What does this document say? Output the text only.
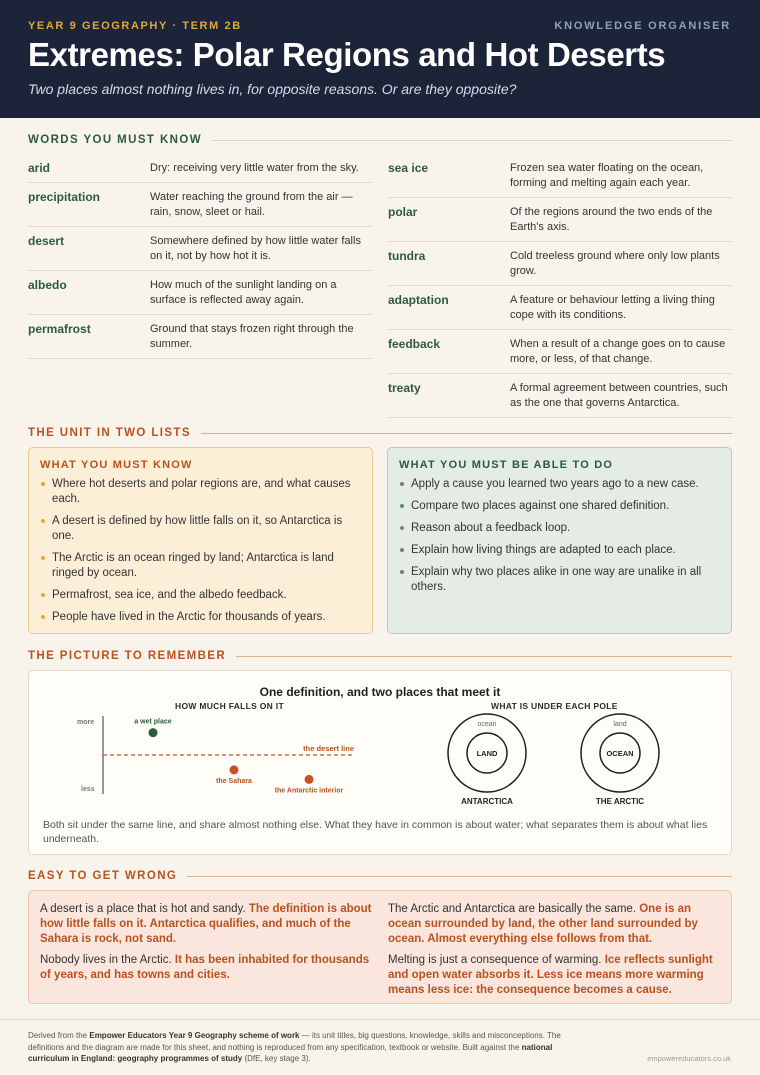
YEAR 9 GEOGRAPHY · TERM 2B	KNOWLEDGE ORGANISER
Extremes: Polar Regions and Hot Deserts
Two places almost nothing lives in, for opposite reasons. Or are they opposite?
WORDS YOU MUST KNOW
arid	Dry: receiving very little water from the sky.
precipitation	Water reaching the ground from the air — rain, snow, sleet or hail.
desert	Somewhere defined by how little water falls on it, not by how hot it is.
albedo	How much of the sunlight landing on a surface is reflected away again.
permafrost	Ground that stays frozen right through the summer.
sea ice	Frozen sea water floating on the ocean, forming and melting again each year.
polar	Of the regions around the two ends of the Earth's axis.
tundra	Cold treeless ground where only low plants grow.
adaptation	A feature or behaviour letting a living thing cope with its conditions.
feedback	When a result of a change goes on to cause more, or less, of that change.
treaty	A formal agreement between countries, such as the one that governs Antarctica.
THE UNIT IN TWO LISTS
WHAT YOU MUST KNOW
Where hot deserts and polar regions are, and what causes each.
A desert is defined by how little falls on it, so Antarctica is one.
The Arctic is an ocean ringed by land; Antarctica is land ringed by ocean.
Permafrost, sea ice, and the albedo feedback.
People have lived in the Arctic for thousands of years.
WHAT YOU MUST BE ABLE TO DO
Apply a cause you learned two years ago to a new case.
Compare two places against one shared definition.
Reason about a feedback loop.
Explain how living things are adapted to each place.
Explain why two places alike in one way are unalike in all others.
THE PICTURE TO REMEMBER
One definition, and two places that meet it
HOW MUCH FALLS ON IT	WHAT IS UNDER EACH POLE
more
less
the desert line
a wet place
the Sahara
the Antarctic interior
ocean
LAND
ANTARCTICA
land
OCEAN
THE ARCTIC
Both sit under the same line, and share almost nothing else. What they have in common is about water; what separates them is about what lies underneath.
EASY TO GET WRONG

A desert is a place that is hot and sandy. The definition is about how little falls on it. Antarctica qualifies, and much of the Sahara is rock, not sand.

Nobody lives in the Arctic. It has been inhabited for thousands of years, and has towns and cities.

The Arctic and Antarctica are basically the same. One is an ocean surrounded by land, the other land surrounded by ocean. Almost everything else follows from that.

Melting is just a consequence of warming. Ice reflects sunlight and open water absorbs it. Less ice means more warming means less ice: the consequence becomes a cause.

Derived from the Empower Educators Year 9 Geography scheme of work — its unit titles, big questions, knowledge, skills and misconceptions. The definitions and the diagram are made for this sheet, and nothing is reproduced from any specification, textbook or website. Built against the national curriculum in England: geography programmes of study (DfE, key stage 3).	empowereducators.co.uk
